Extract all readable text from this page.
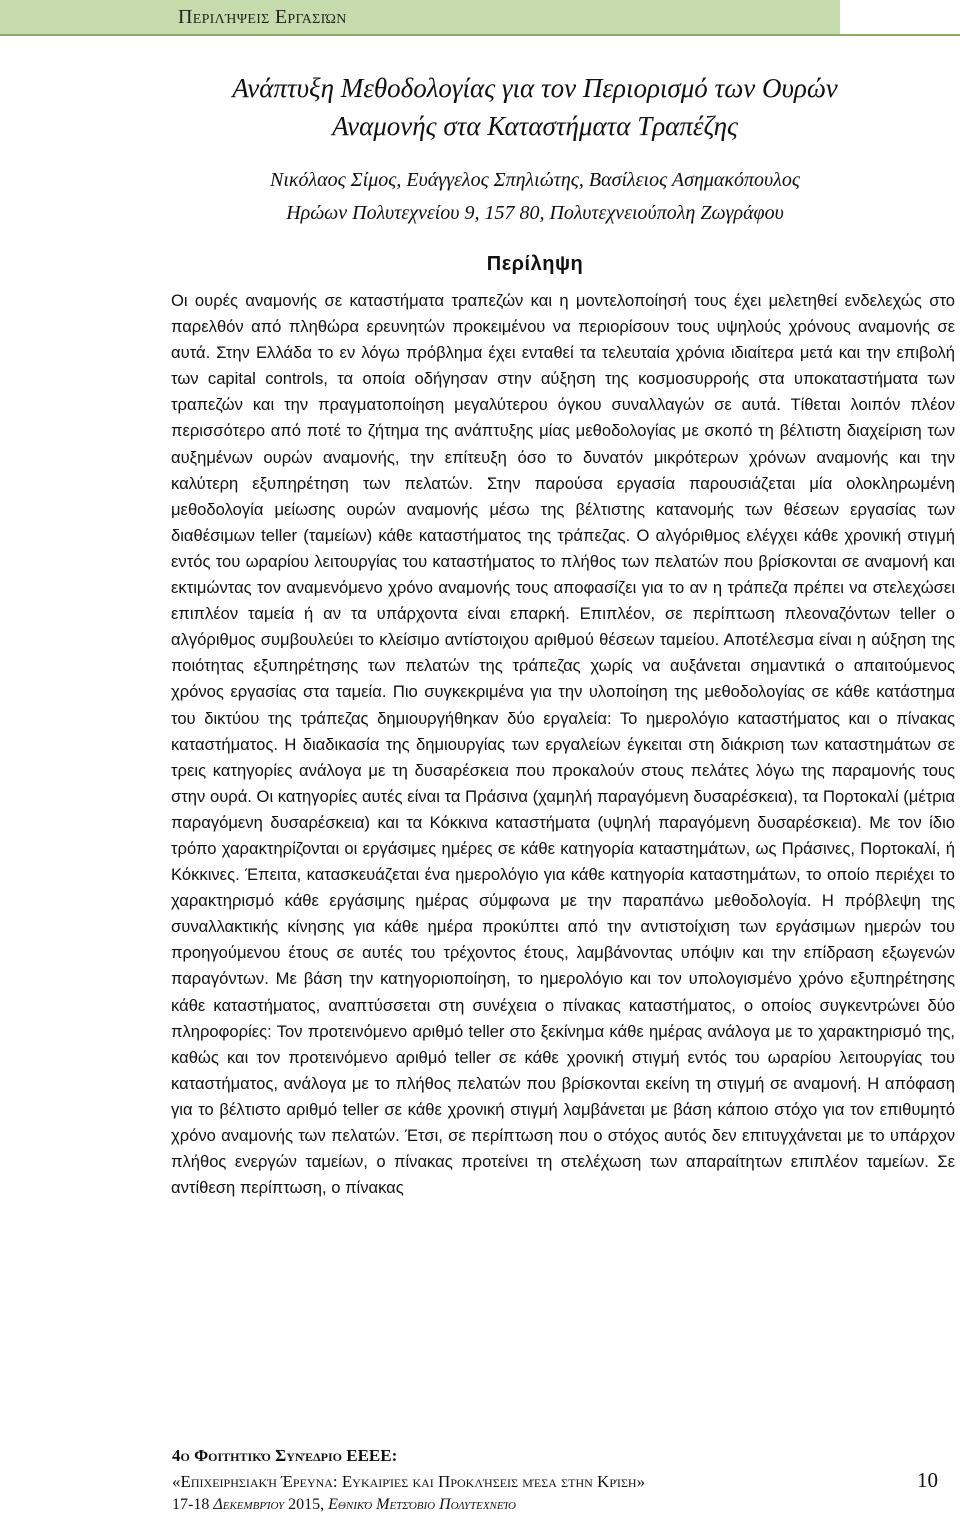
Περιλήψεις Εργασιών
Ανάπτυξη Μεθοδολογίας για τον Περιορισμό των Ουρών
Αναμονής στα Καταστήματα Τραπέζης
Νικόλαος Σίμος, Ευάγγελος Σπηλιώτης, Βασίλειος Ασημακόπουλος
Ηρώων Πολυτεχνείου 9, 157 80, Πολυτεχνειούπολη Ζωγράφου
Περίληψη
Οι ουρές αναμονής σε καταστήματα τραπεζών και η μοντελοποίησή τους έχει μελετηθεί ενδελεχώς στο παρελθόν από πληθώρα ερευνητών προκειμένου να περιορίσουν τους υψηλούς χρόνους αναμονής σε αυτά. Στην Ελλάδα το εν λόγω πρόβλημα έχει ενταθεί τα τελευταία χρόνια ιδιαίτερα μετά και την επιβολή των capital controls, τα οποία οδήγησαν στην αύξηση της κοσμοσυρροής στα υποκαταστήματα των τραπεζών και την πραγματοποίηση μεγαλύτερου όγκου συναλλαγών σε αυτά. Τίθεται λοιπόν πλέον περισσότερο από ποτέ το ζήτημα της ανάπτυξης μίας μεθοδολογίας με σκοπό τη βέλτιστη διαχείριση των αυξημένων ουρών αναμονής, την επίτευξη όσο το δυνατόν μικρότερων χρόνων αναμονής και την καλύτερη εξυπηρέτηση των πελατών. Στην παρούσα εργασία παρουσιάζεται μία ολοκληρωμένη μεθοδολογία μείωσης ουρών αναμονής μέσω της βέλτιστης κατανομής των θέσεων εργασίας των διαθέσιμων teller (ταμείων) κάθε καταστήματος της τράπεζας. Ο αλγόριθμος ελέγχει κάθε χρονική στιγμή εντός του ωραρίου λειτουργίας του καταστήματος το πλήθος των πελατών που βρίσκονται σε αναμονή και εκτιμώντας τον αναμενόμενο χρόνο αναμονής τους αποφασίζει για το αν η τράπεζα πρέπει να στελεχώσει επιπλέον ταμεία ή αν τα υπάρχοντα είναι επαρκή. Επιπλέον, σε περίπτωση πλεοναζόντων teller ο αλγόριθμος συμβουλεύει το κλείσιμο αντίστοιχου αριθμού θέσεων ταμείου. Αποτέλεσμα είναι η αύξηση της ποιότητας εξυπηρέτησης των πελατών της τράπεζας χωρίς να αυξάνεται σημαντικά ο απαιτούμενος χρόνος εργασίας στα ταμεία. Πιο συγκεκριμένα για την υλοποίηση της μεθοδολογίας σε κάθε κατάστημα του δικτύου της τράπεζας δημιουργήθηκαν δύο εργαλεία: Το ημερολόγιο καταστήματος και ο πίνακας καταστήματος. Η διαδικασία της δημιουργίας των εργαλείων έγκειται στη διάκριση των καταστημάτων σε τρεις κατηγορίες ανάλογα με τη δυσαρέσκεια που προκαλούν στους πελάτες λόγω της παραμονής τους στην ουρά. Οι κατηγορίες αυτές είναι τα Πράσινα (χαμηλή παραγόμενη δυσαρέσκεια), τα Πορτοκαλί (μέτρια παραγόμενη δυσαρέσκεια) και τα Κόκκινα καταστήματα (υψηλή παραγόμενη δυσαρέσκεια). Με τον ίδιο τρόπο χαρακτηρίζονται οι εργάσιμες ημέρες σε κάθε κατηγορία καταστημάτων, ως Πράσινες, Πορτοκαλί, ή Κόκκινες. Έπειτα, κατασκευάζεται ένα ημερολόγιο για κάθε κατηγορία καταστημάτων, το οποίο περιέχει το χαρακτηρισμό κάθε εργάσιμης ημέρας σύμφωνα με την παραπάνω μεθοδολογία. Η πρόβλεψη της συναλλακτικής κίνησης για κάθε ημέρα προκύπτει από την αντιστοίχιση των εργάσιμων ημερών του προηγούμενου έτους σε αυτές του τρέχοντος έτους, λαμβάνοντας υπόψιν και την επίδραση εξωγενών παραγόντων. Με βάση την κατηγοριοποίηση, το ημερολόγιο και τον υπολογισμένο χρόνο εξυπηρέτησης κάθε καταστήματος, αναπτύσσεται στη συνέχεια ο πίνακας καταστήματος, ο οποίος συγκεντρώνει δύο πληροφορίες: Τον προτεινόμενο αριθμό teller στο ξεκίνημα κάθε ημέρας ανάλογα με το χαρακτηρισμό της, καθώς και τον προτεινόμενο αριθμό teller σε κάθε χρονική στιγμή εντός του ωραρίου λειτουργίας του καταστήματος, ανάλογα με το πλήθος πελατών που βρίσκονται εκείνη τη στιγμή σε αναμονή. Η απόφαση για το βέλτιστο αριθμό teller σε κάθε χρονική στιγμή λαμβάνεται με βάση κάποιο στόχο για τον επιθυμητό χρόνο αναμονής των πελατών. Έτσι, σε περίπτωση που ο στόχος αυτός δεν επιτυγχάνεται με το υπάρχον πλήθος ενεργών ταμείων, ο πίνακας προτείνει τη στελέχωση των απαραίτητων επιπλέον ταμείων. Σε αντίθεση περίπτωση, ο πίνακας
4ο Φοιτητικό Συνέδριο ΕΕΕΕ:
«Επιχειρησιακή Έρευνα: Ευκαιρίες και Προκλήσεις μέσα στην Κρίση»
17-18 Δεκεμβρίου 2015, Εθνικό Μετσόβιο Πολυτεχνείο
10
